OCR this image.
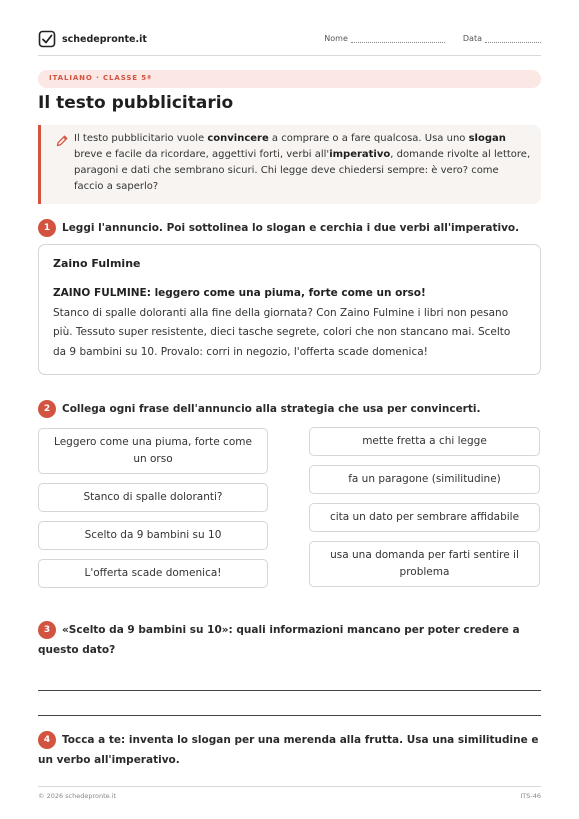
schedepronte.it	Nome	Data
ITALIANO · CLASSE 5ª
Il testo pubblicitario
Il testo pubblicitario vuole convincere a comprare o a fare qualcosa. Usa uno slogan breve e facile da ricordare, aggettivi forti, verbi all'imperativo, domande rivolte al lettore, paragoni e dati che sembrano sicuri. Chi legge deve chiedersi sempre: è vero? come faccio a saperlo?
1 Leggi l'annuncio. Poi sottolinea lo slogan e cerchia i due verbi all'imperativo.
Zaino Fulmine
ZAINO FULMINE: leggero come una piuma, forte come un orso!
Stanco di spalle doloranti alla fine della giornata? Con Zaino Fulmine i libri non pesano più. Tessuto super resistente, dieci tasche segrete, colori che non stancano mai. Scelto da 9 bambini su 10. Provalo: corri in negozio, l'offerta scade domenica!
2 Collega ogni frase dell'annuncio alla strategia che usa per convincerti.
Leggero come una piuma, forte come un orso
Stanco di spalle doloranti?
Scelto da 9 bambini su 10
L'offerta scade domenica!
mette fretta a chi legge
fa un paragone (similitudine)
cita un dato per sembrare affidabile
usa una domanda per farti sentire il problema
3 «Scelto da 9 bambini su 10»: quali informazioni mancano per poter credere a questo dato?
4 Tocca a te: inventa lo slogan per una merenda alla frutta. Usa una similitudine e un verbo all'imperativo.
© 2026 schedepronte.it	ITS-46
